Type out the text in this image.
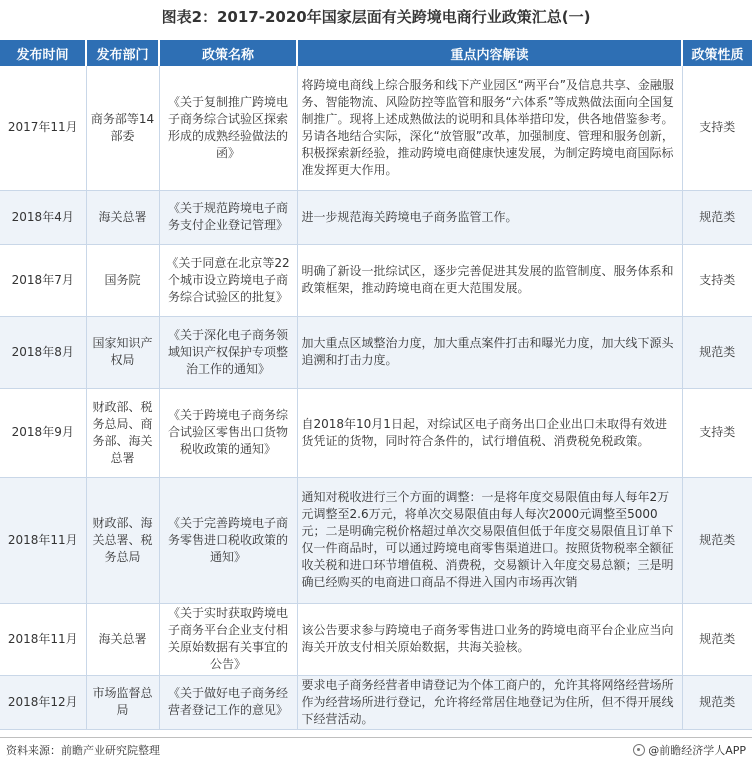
图表2：2017-2020年国家层面有关跨境电商行业政策汇总(一)
发布时间	发布部门	政策名称	重点内容解读	政策性质
2017年11月	商务部等14部委	《关于复制推广跨境电子商务综合试验区探索形成的成熟经验做法的函》	将跨境电商线上综合服务和线下产业园区“两平台”及信息共享、金融服务、智能物流、风险防控等监管和服务“六体系”等成熟做法面向全国复制推广。现将上述成熟做法的说明和具体举措印发，供各地借鉴参考。另请各地结合实际，深化“放管服”改革，加强制度、管理和服务创新，积极探索新经验，推动跨境电商健康快速发展，为制定跨境电商国际标准发挥更大作用。	支持类
2018年4月	海关总署	《关于规范跨境电子商务支付企业登记管理》	进一步规范海关跨境电子商务监管工作。	规范类
2018年7月	国务院	《关于同意在北京等22个城市设立跨境电子商务综合试验区的批复》	明确了新设一批综试区，逐步完善促进其发展的监管制度、服务体系和政策框架，推动跨境电商在更大范围发展。	支持类
2018年8月	国家知识产权局	《关于深化电子商务领域知识产权保护专项整治工作的通知》	加大重点区域整治力度，加大重点案件打击和曝光力度，加大线下源头追溯和打击力度。	规范类
2018年9月	财政部、税务总局、商务部、海关总署	《关于跨境电子商务综合试验区零售出口货物税收政策的通知》	自2018年10月1日起，对综试区电子商务出口企业出口未取得有效进货凭证的货物，同时符合条件的，试行增值税、消费税免税政策。	支持类
2018年11月	财政部、海关总署、税务总局	《关于完善跨境电子商务零售进口税收政策的通知》	通知对税收进行三个方面的调整：一是将年度交易限值由每人每年2万元调整至2.6万元，将单次交易限值由每人每次2000元调整至5000元；二是明确完税价格超过单次交易限值但低于年度交易限值且订单下仅一件商品时，可以通过跨境电商零售渠道进口。按照货物税率全额征收关税和进口环节增值税、消费税，交易额计入年度交易总额；三是明确已经购买的电商进口商品不得进入国内市场再次销	规范类
2018年11月	海关总署	《关于实时获取跨境电子商务平台企业支付相关原始数据有关事宜的公告》	该公告要求参与跨境电子商务零售进口业务的跨境电商平台企业应当向海关开放支付相关原始数据，共海关验核。	规范类
2018年12月	市场监督总局	《关于做好电子商务经营者登记工作的意见》	要求电子商务经营者申请登记为个体工商户的，允许其将网络经营场所作为经营场所进行登记，允许将经常居住地登记为住所，但不得开展线下经营活动。	规范类
资料来源：前瞻产业研究院整理	@前瞻经济学人APP
